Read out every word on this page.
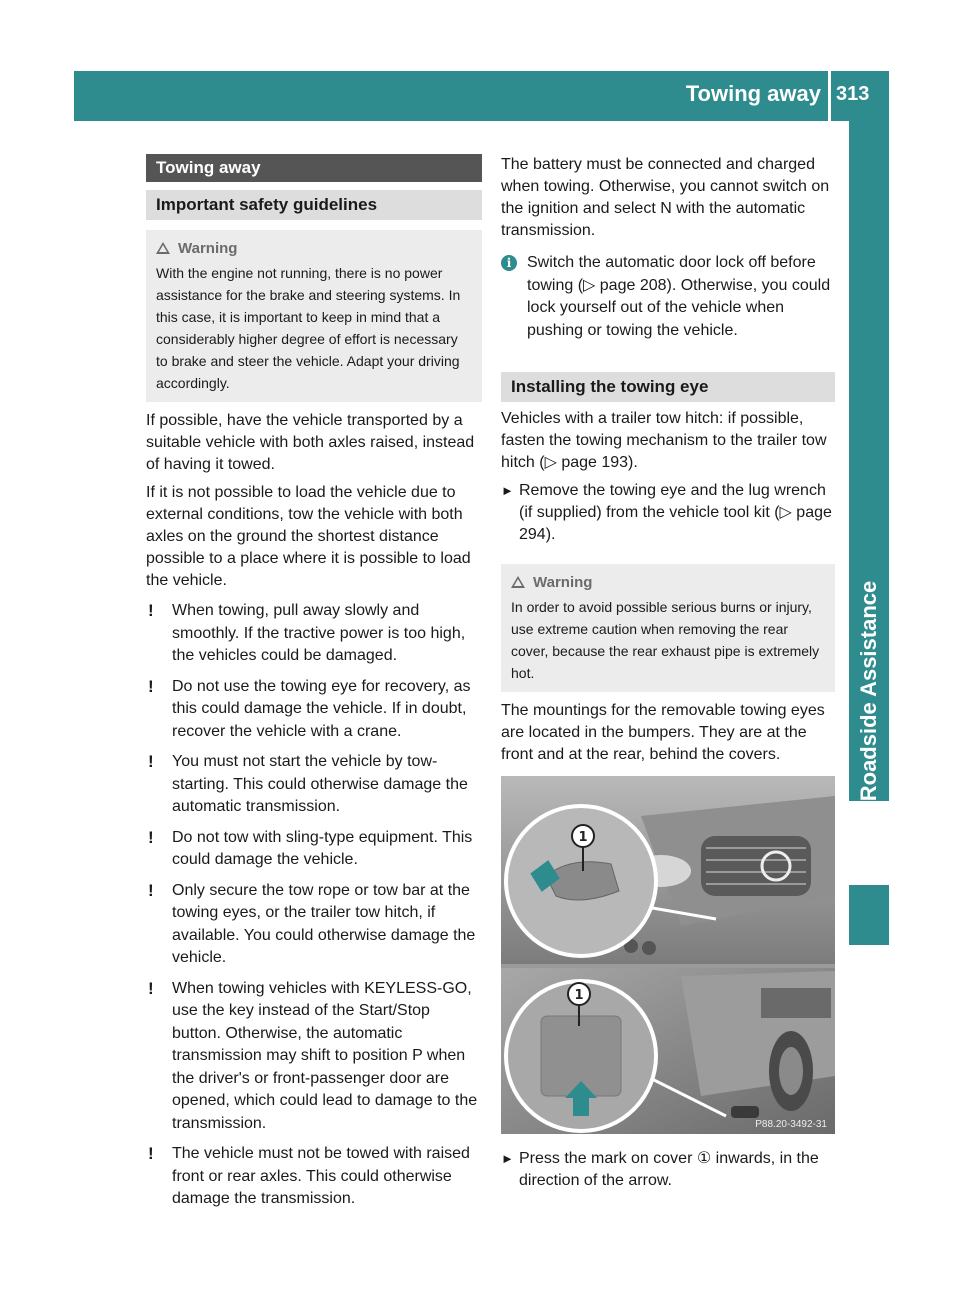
Towing away 313
Roadside Assistance
Towing away
Important safety guidelines
Warning
With the engine not running, there is no power assistance for the brake and steering systems. In this case, it is important to keep in mind that a considerably higher degree of effort is necessary to brake and steer the vehicle. Adapt your driving accordingly.

If possible, have the vehicle transported by a suitable vehicle with both axles raised, instead of having it towed.

If it is not possible to load the vehicle due to external conditions, tow the vehicle with both axles on the ground the shortest distance possible to a place where it is possible to load the vehicle.

! When towing, pull away slowly and smoothly. If the tractive power is too high, the vehicles could be damaged.
! Do not use the towing eye for recovery, as this could damage the vehicle. If in doubt, recover the vehicle with a crane.
! You must not start the vehicle by tow-starting. This could otherwise damage the automatic transmission.
! Do not tow with sling-type equipment. This could damage the vehicle.
! Only secure the tow rope or tow bar at the towing eyes, or the trailer tow hitch, if available. You could otherwise damage the vehicle.
! When towing vehicles with KEYLESS-GO, use the key instead of the Start/Stop button. Otherwise, the automatic transmission may shift to position P when the driver's or front-passenger door are opened, which could lead to damage to the transmission.
! The vehicle must not be towed with raised front or rear axles. This could otherwise damage the transmission.

The battery must be connected and charged when towing. Otherwise, you cannot switch on the ignition and select N with the automatic transmission.

i Switch the automatic door lock off before towing (▷ page 208). Otherwise, you could lock yourself out of the vehicle when pushing or towing the vehicle.
Installing the towing eye

Vehicles with a trailer tow hitch: if possible, fasten the towing mechanism to the trailer tow hitch (▷ page 193).

► Remove the towing eye and the lug wrench (if supplied) from the vehicle tool kit (▷ page 294).
Warning
In order to avoid possible serious burns or injury, use extreme caution when removing the rear cover, because the rear exhaust pipe is extremely hot.

The mountings for the removable towing eyes are located in the bumpers. They are at the front and at the rear, behind the covers.

1
1
P88.20-3492-31
► Press the mark on cover ① inwards, in the direction of the arrow.
